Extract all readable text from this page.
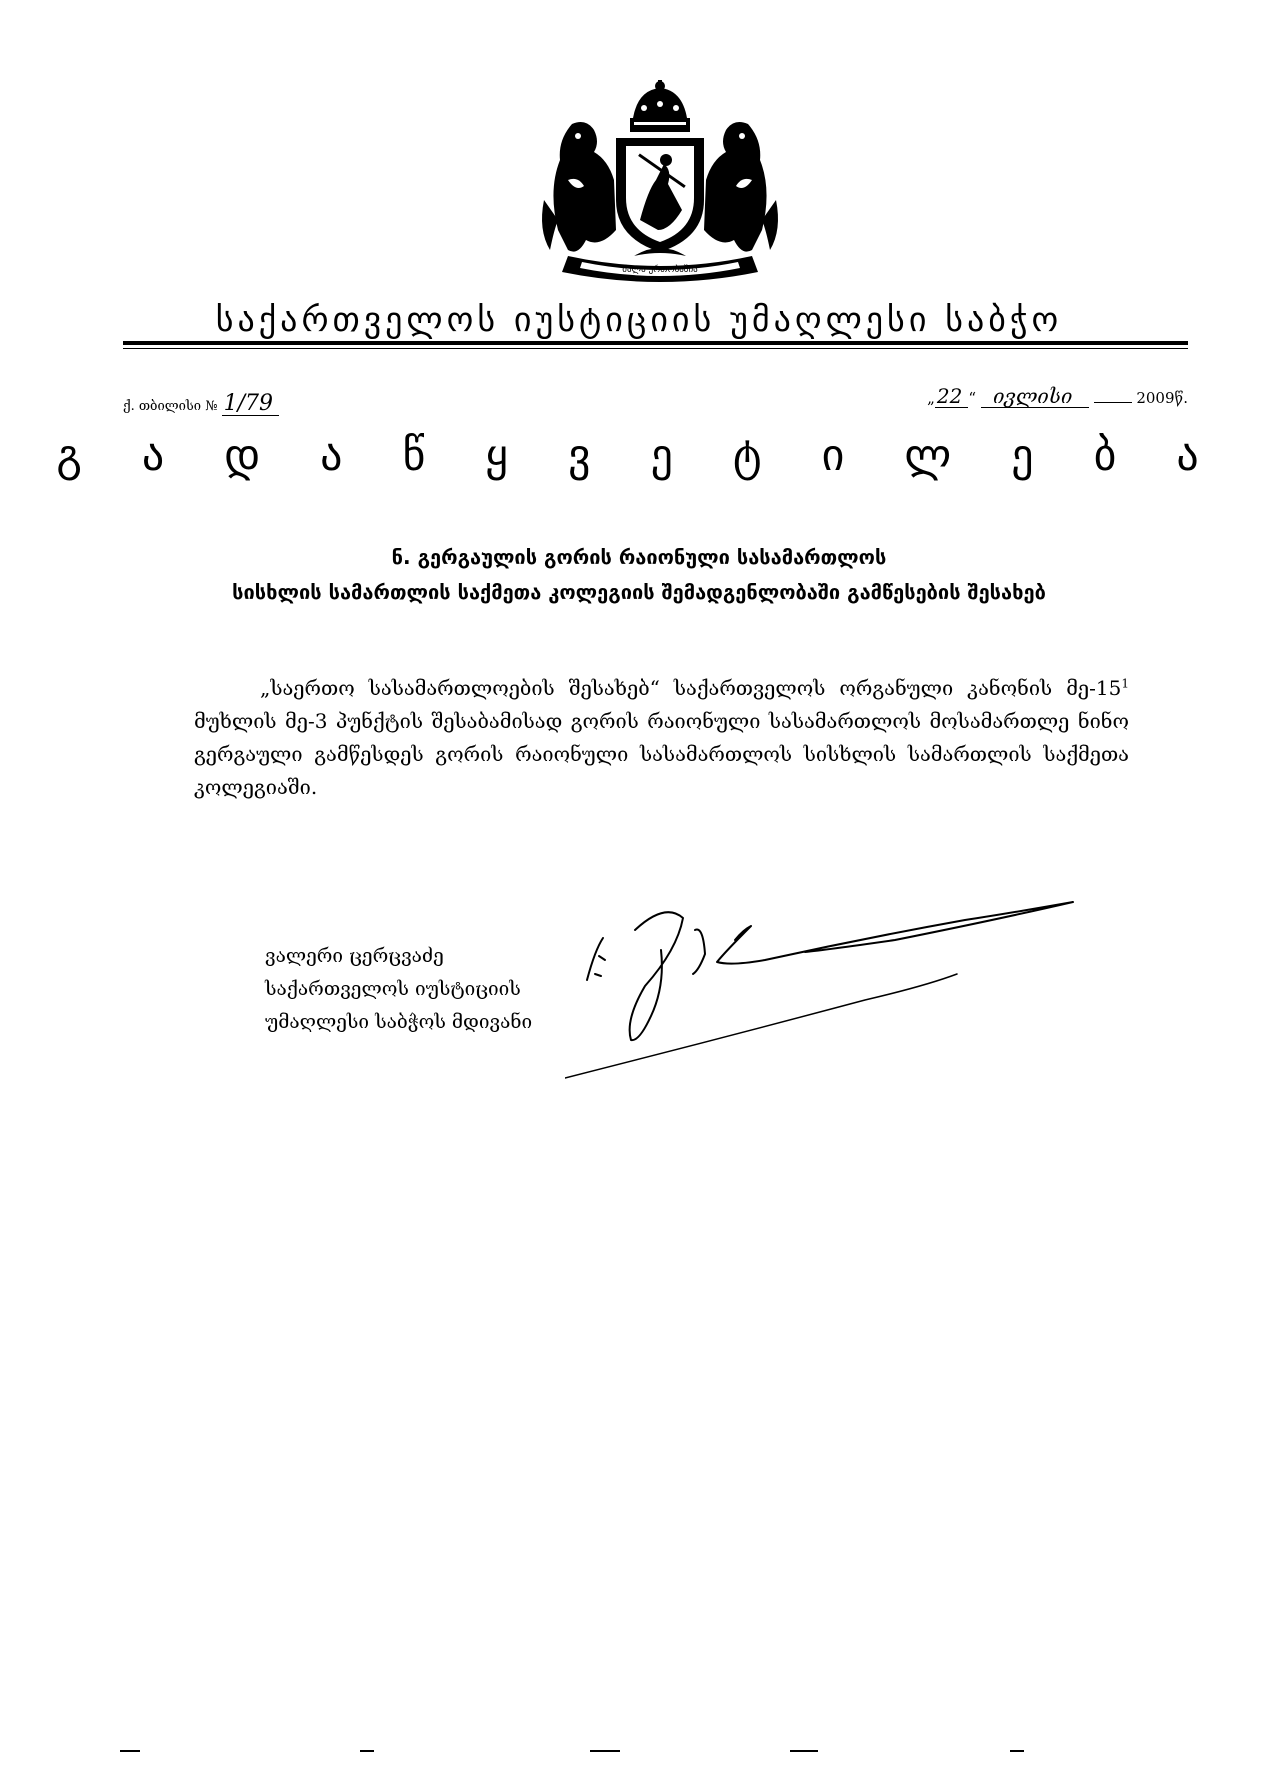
ძალა ერთობაშია
საქართველოს იუსტიციის უმაღლესი საბჭო
ქ. თბილისი № 1/79	„ 22 “ ივლისი	2009წ.
გ ა დ ა წ ყ ვ ე ტ ი ლ ე ბ ა
ნ. გერგაულის გორის რაიონული სასამართლოს
სისხლის სამართლის საქმეთა კოლეგიის შემადგენლობაში გამწესების შესახებ

„საერთო სასამართლოების შესახებ“ საქართველოს ორგანული კანონის $მე-15^1$ მუხლის მე-3 პუნქტის შესაბამისად გორის რაიონული სასამართლოს მოსამართლე ნინო გერგაული გამწესდეს გორის რაიონული სასამართლოს სისხლის სამართლის საქმეთა კოლეგიაში.

ვალერი ცერცვაძე
საქართველოს იუსტიციის
უმაღლესი საბჭოს მდივანი
